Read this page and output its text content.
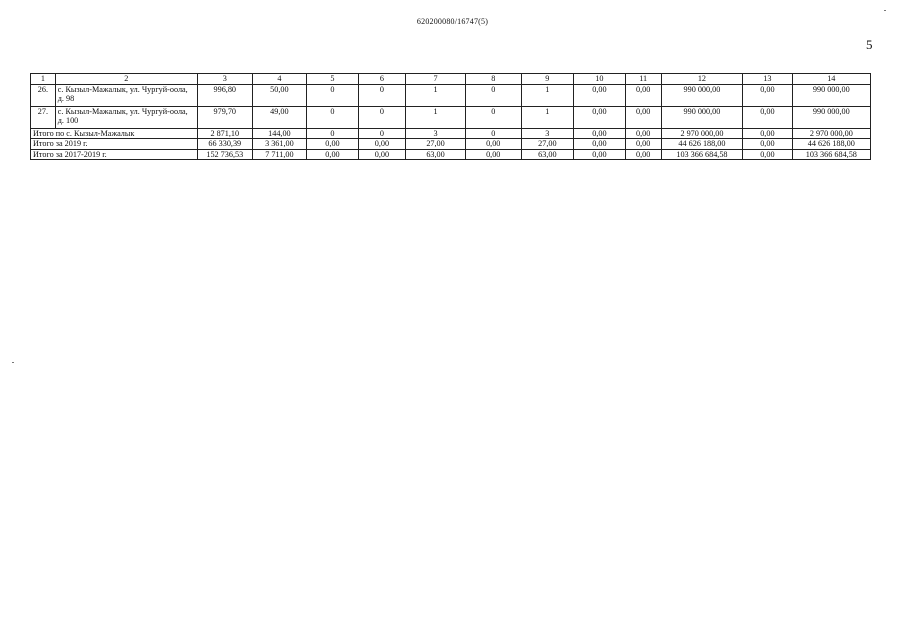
620200080/16747(5)
5
1	2	3	4	5	6	7	8	9	10	11	12	13	14
26.	с. Кызыл-Мажалык, ул. Чургуй-оола, д. 98	996,80	50,00	0	0	1	0	1	0,00	0,00	990 000,00	0,00	990 000,00
27.	с. Кызыл-Мажалык, ул. Чургуй-оола, д. 100	979,70	49,00	0	0	1	0	1	0,00	0,00	990 000,00	0,00	990 000,00
Итого по с. Кызыл-Мажалык		2 871,10	144,00	0	0	3	0	3	0,00	0,00	2 970 000,00	0,00	2 970 000,00
Итого за 2019 г.		66 330,39	3 361,00	0,00	0,00	27,00	0,00	27,00	0,00	0,00	44 626 188,00	0,00	44 626 188,00
Итого за 2017-2019 г.		152 736,53	7 711,00	0,00	0,00	63,00	0,00	63,00	0,00	0,00	103 366 684,58	0,00	103 366 684,58
